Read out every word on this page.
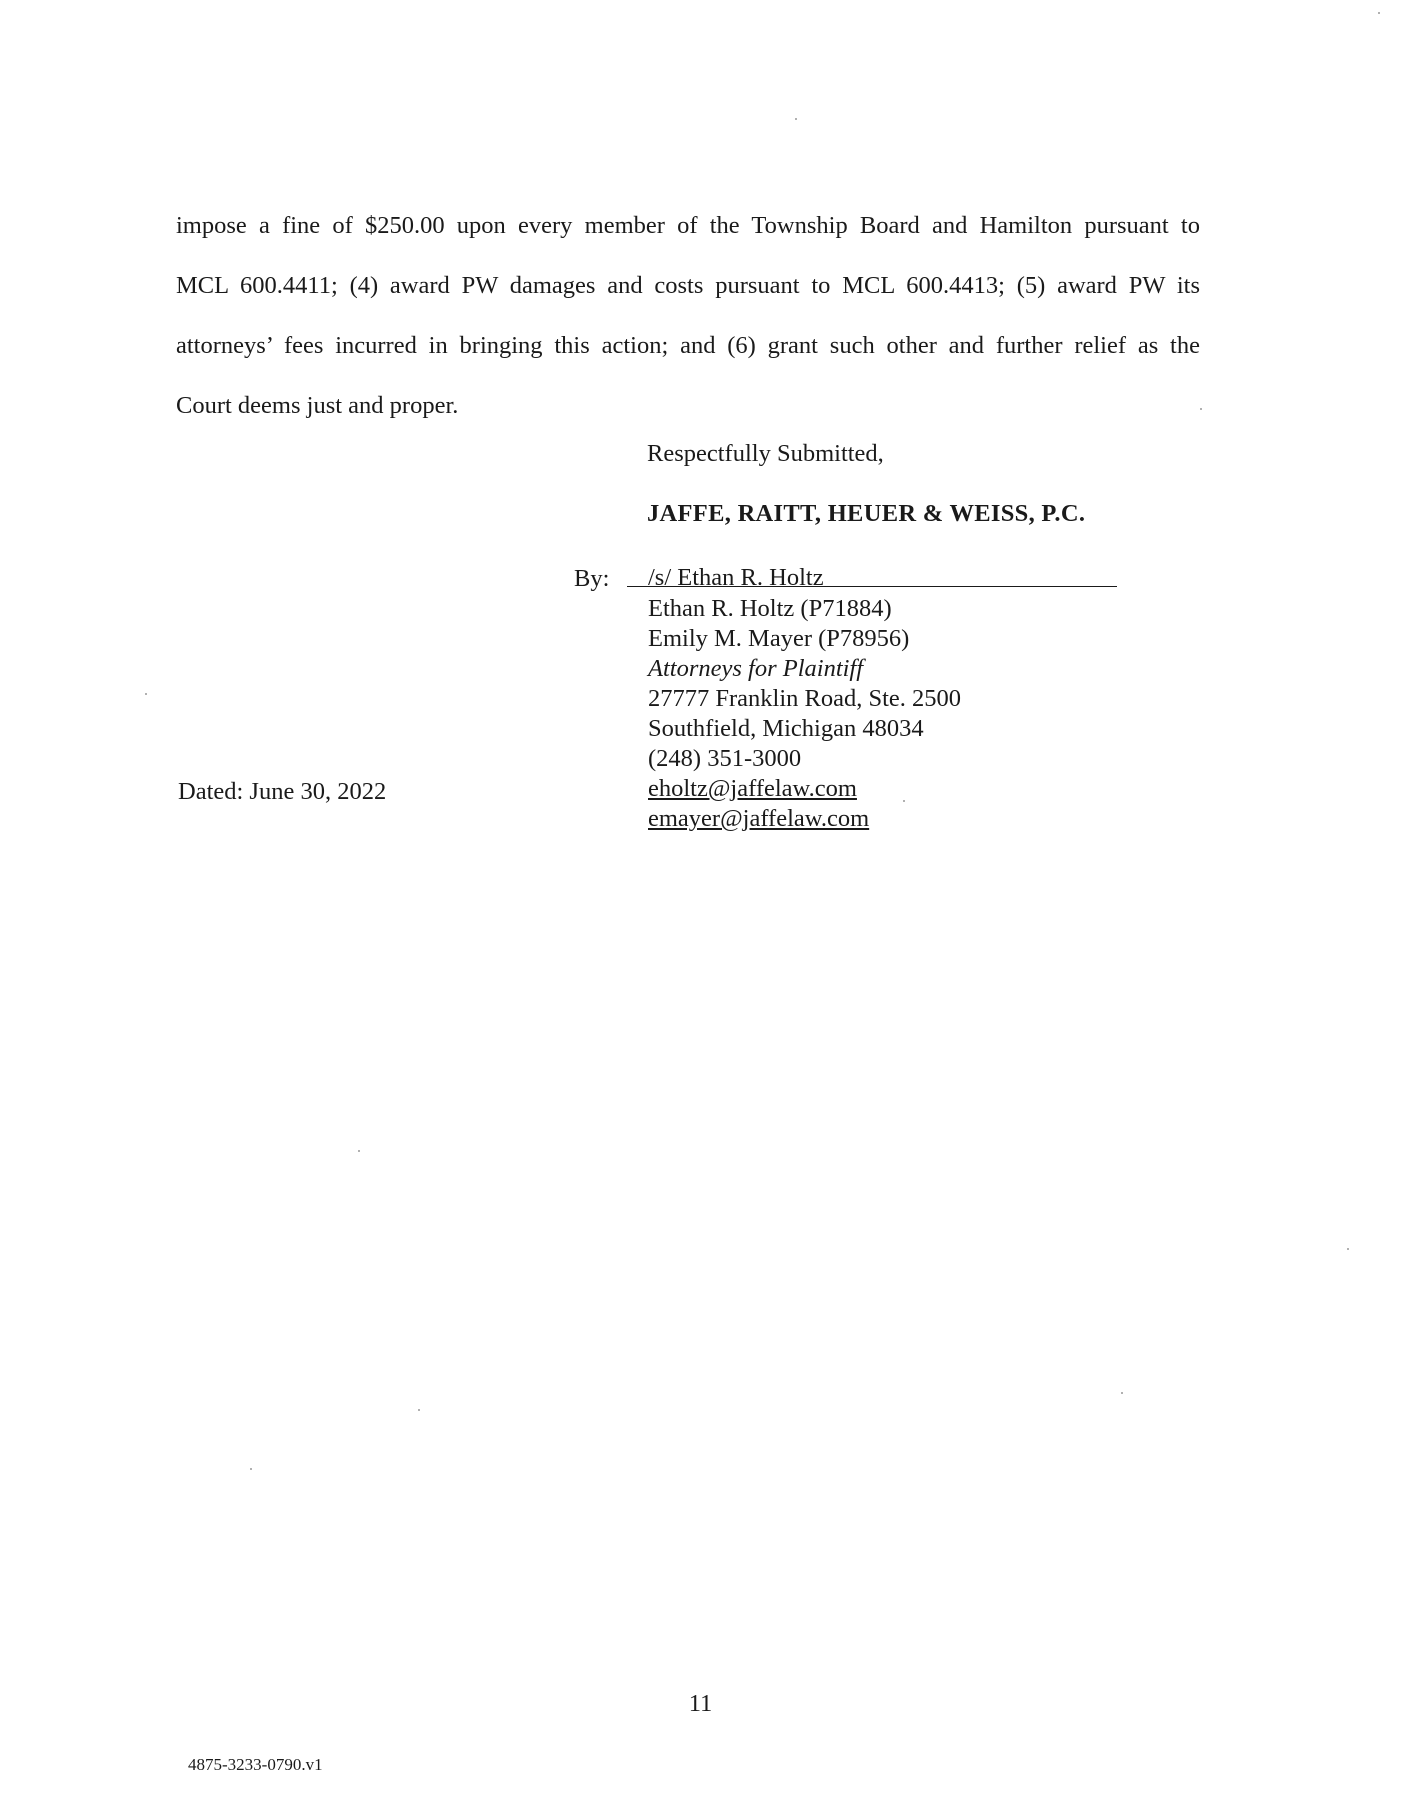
impose a fine of $250.00 upon every member of the Township Board and Hamilton pursuant to
MCL 600.4411; (4) award PW damages and costs pursuant to MCL 600.4413; (5) award PW its
attorneys’ fees incurred in bringing this action; and (6) grant such other and further relief as the
Court deems just and proper.

Respectfully Submitted,

JAFFE, RAITT, HEUER & WEISS, P.C.

By: /s/ Ethan R. Holtz
Ethan R. Holtz (P71884)
Emily M. Mayer (P78956)
Attorneys for Plaintiff
27777 Franklin Road, Ste. 2500
Southfield, Michigan 48034
(248) 351-3000
eholtz@jaffelaw.com
emayer@jaffelaw.com
Dated: June 30, 2022
11
4875-3233-0790.v1
